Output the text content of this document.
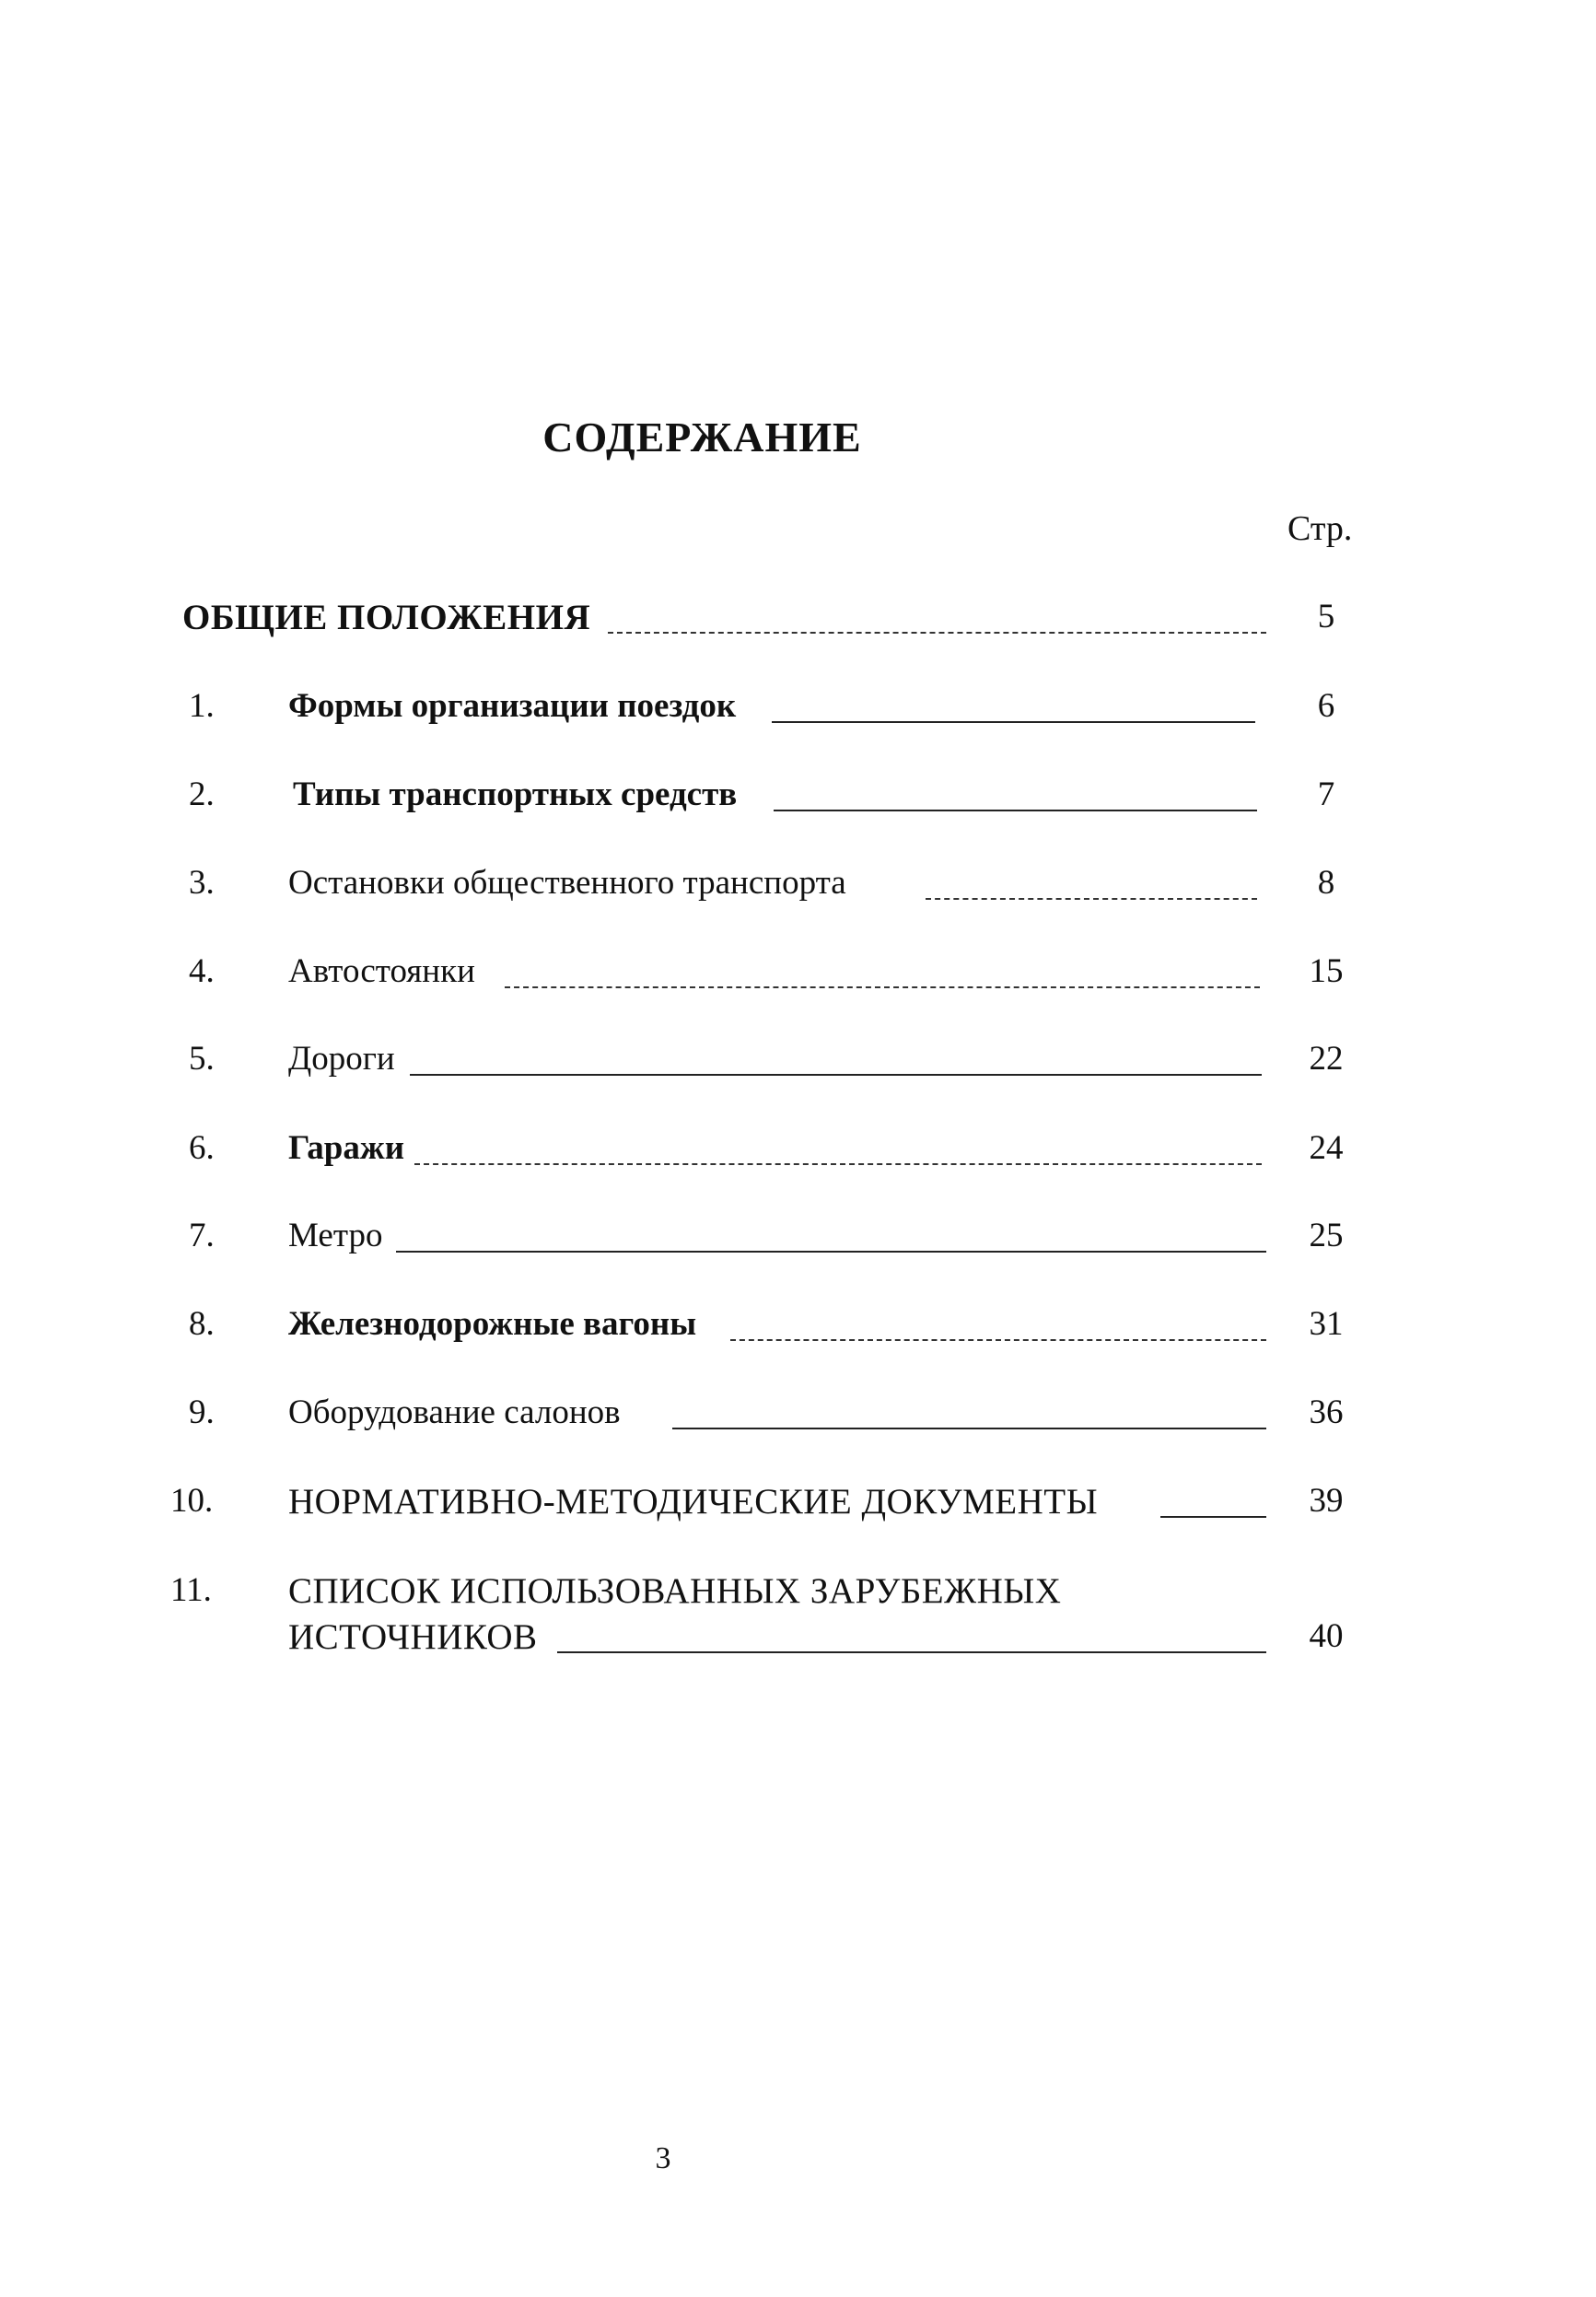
СОДЕРЖАНИЕ
Стр.
ОБЩИЕ ПОЛОЖЕНИЯ	5
1. Формы организации поездок	6
2. Типы транспортных средств	7
3. Остановки общественного транспорта	8
4. Автостоянки	15
5. Дороги	22
6. Гаражи	24
7. Метро	25
8. Железнодорожные вагоны	31
9. Оборудование салонов	36
10. НОРМАТИВНО-МЕТОДИЧЕСКИЕ ДОКУМЕНТЫ	39
11. СПИСОК ИСПОЛЬЗОВАННЫХ ЗАРУБЕЖНЫХ
ИСТОЧНИКОВ	40
3
